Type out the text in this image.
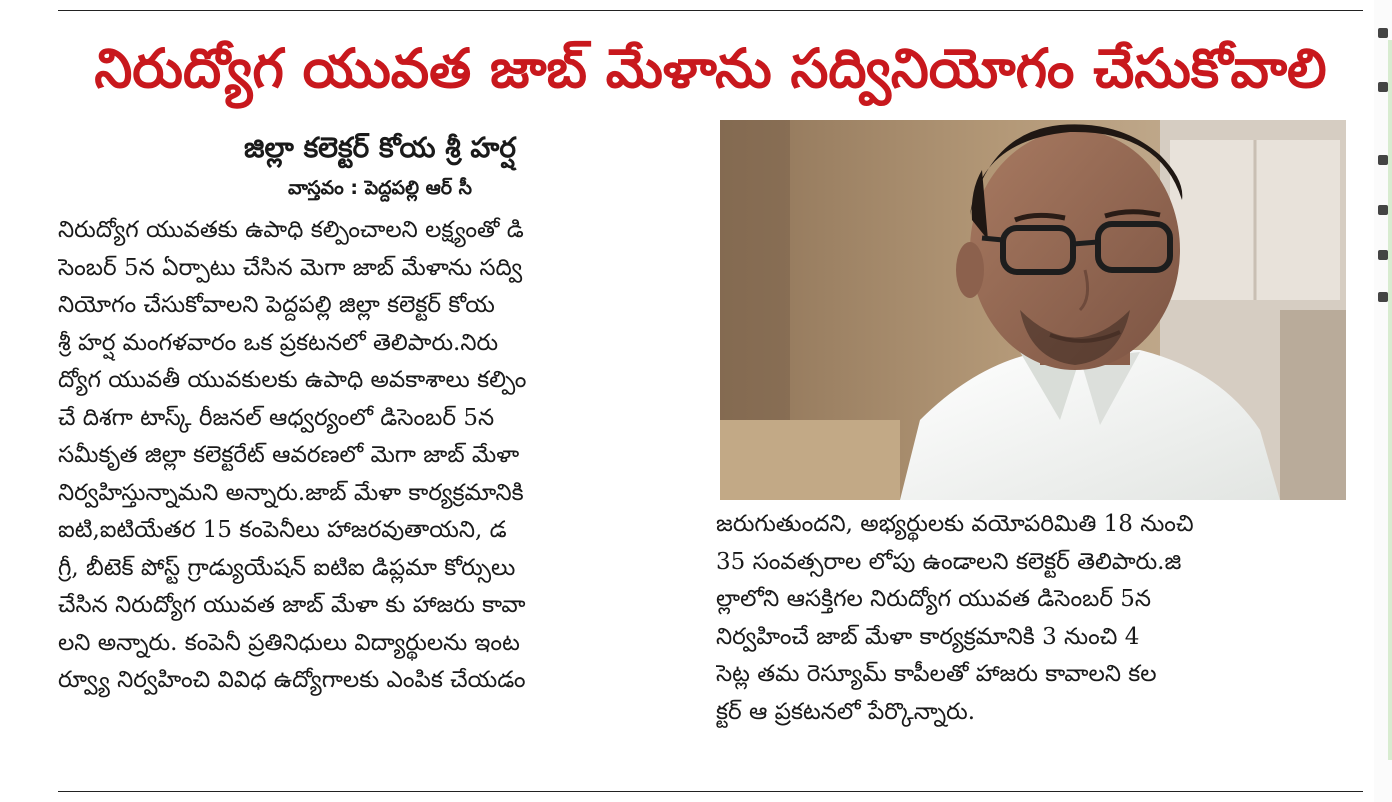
నిరుద్యోగ యువత జాబ్ మేళాను సద్వినియోగం చేసుకోవాలి
జిల్లా కలెక్టర్ కోయ శ్రీ హర్ష
వాస్తవం : పెద్దపల్లి ఆర్ సీ
నిరుద్యోగ యువతకు ఉపాధి కల్పించాలని లక్ష్యంతో డి
సెంబర్ 5న ఏర్పాటు చేసిన మెగా జాబ్ మేళాను సద్వి
నియోగం చేసుకోవాలని పెద్దపల్లి జిల్లా కలెక్టర్ కోయ
శ్రీ హర్ష మంగళవారం ఒక ప్రకటనలో తెలిపారు.నిరు
ద్యోగ యువతీ యువకులకు ఉపాధి అవకాశాలు కల్పిం
చే దిశగా టాస్క్ రీజనల్ ఆధ్వర్యంలో డిసెంబర్ 5న
సమీకృత జిల్లా కలెక్టరేట్ ఆవరణలో మెగా జాబ్ మేళా
నిర్వహిస్తున్నామని అన్నారు.జాబ్ మేళా కార్యక్రమానికి
ఐటి,ఐటియేతర 15 కంపెనీలు హాజరవుతాయని, డ
గ్రీ, బీటెక్ పోస్ట్ గ్రాడ్యుయేషన్ ఐటిఐ డిప్లమా కోర్సులు
చేసిన నిరుద్యోగ యువత జాబ్ మేళా కు హాజరు కావా
లని అన్నారు. కంపెనీ ప్రతినిధులు విద్యార్థులను ఇంట
ర్వ్యూ నిర్వహించి వివిధ ఉద్యోగాలకు ఎంపిక చేయడం
జరుగుతుందని, అభ్యర్థులకు వయోపరిమితి 18 నుంచి
35 సంవత్సరాల లోపు ఉండాలని కలెక్టర్ తెలిపారు.జి
ల్లాలోని ఆసక్తిగల నిరుద్యోగ యువత డిసెంబర్ 5న
నిర్వహించే జాబ్ మేళా కార్యక్రమానికి 3 నుంచి 4
సెట్ల తమ రెస్యూమ్ కాపీలతో హాజరు కావాలని కల
క్టర్ ఆ ప్రకటనలో పేర్కొన్నారు.
